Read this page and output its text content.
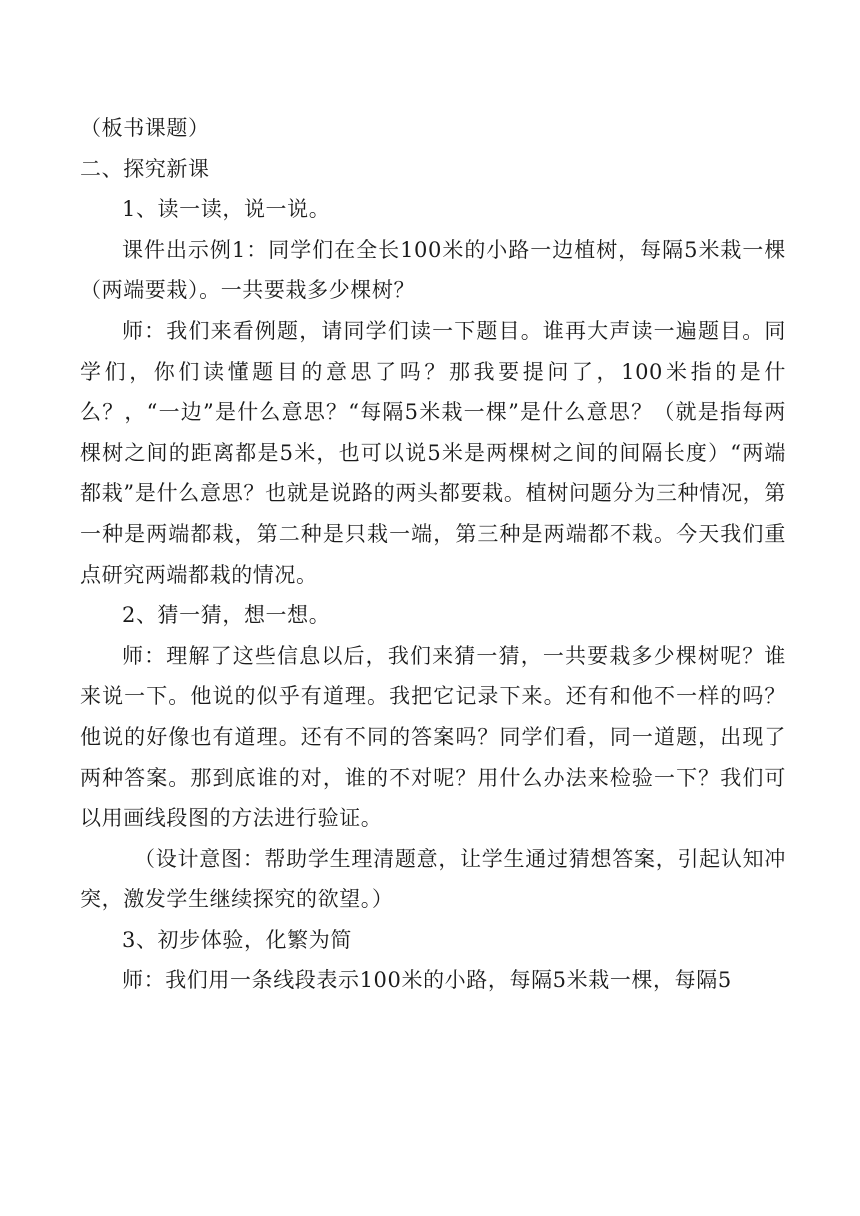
（板书课题）

二、探究新课

1、读一读，说一说。

课件出示例1：同学们在全长100米的小路一边植树，每隔5米栽一棵（两端要栽）。一共要栽多少棵树？

师：我们来看例题，请同学们读一下题目。谁再大声读一遍题目。同学们，你们读懂题目的意思了吗？那我要提问了，100米指的是什么？，“一边”是什么意思？“每隔5米栽一棵”是什么意思？（就是指每两棵树之间的距离都是5米，也可以说5米是两棵树之间的间隔长度）“两端都栽”是什么意思？也就是说路的两头都要栽。植树问题分为三种情况，第一种是两端都栽，第二种是只栽一端，第三种是两端都不栽。今天我们重点研究两端都栽的情况。

2、猜一猜，想一想。

师：理解了这些信息以后，我们来猜一猜，一共要栽多少棵树呢？谁来说一下。他说的似乎有道理。我把它记录下来。还有和他不一样的吗？他说的好像也有道理。还有不同的答案吗？同学们看，同一道题，出现了两种答案。那到底谁的对，谁的不对呢？用什么办法来检验一下？我们可以用画线段图的方法进行验证。

（设计意图：帮助学生理清题意，让学生通过猜想答案，引起认知冲突，激发学生继续探究的欲望。）

3、初步体验，化繁为简

师：我们用一条线段表示100米的小路，每隔5米栽一棵，每隔5
